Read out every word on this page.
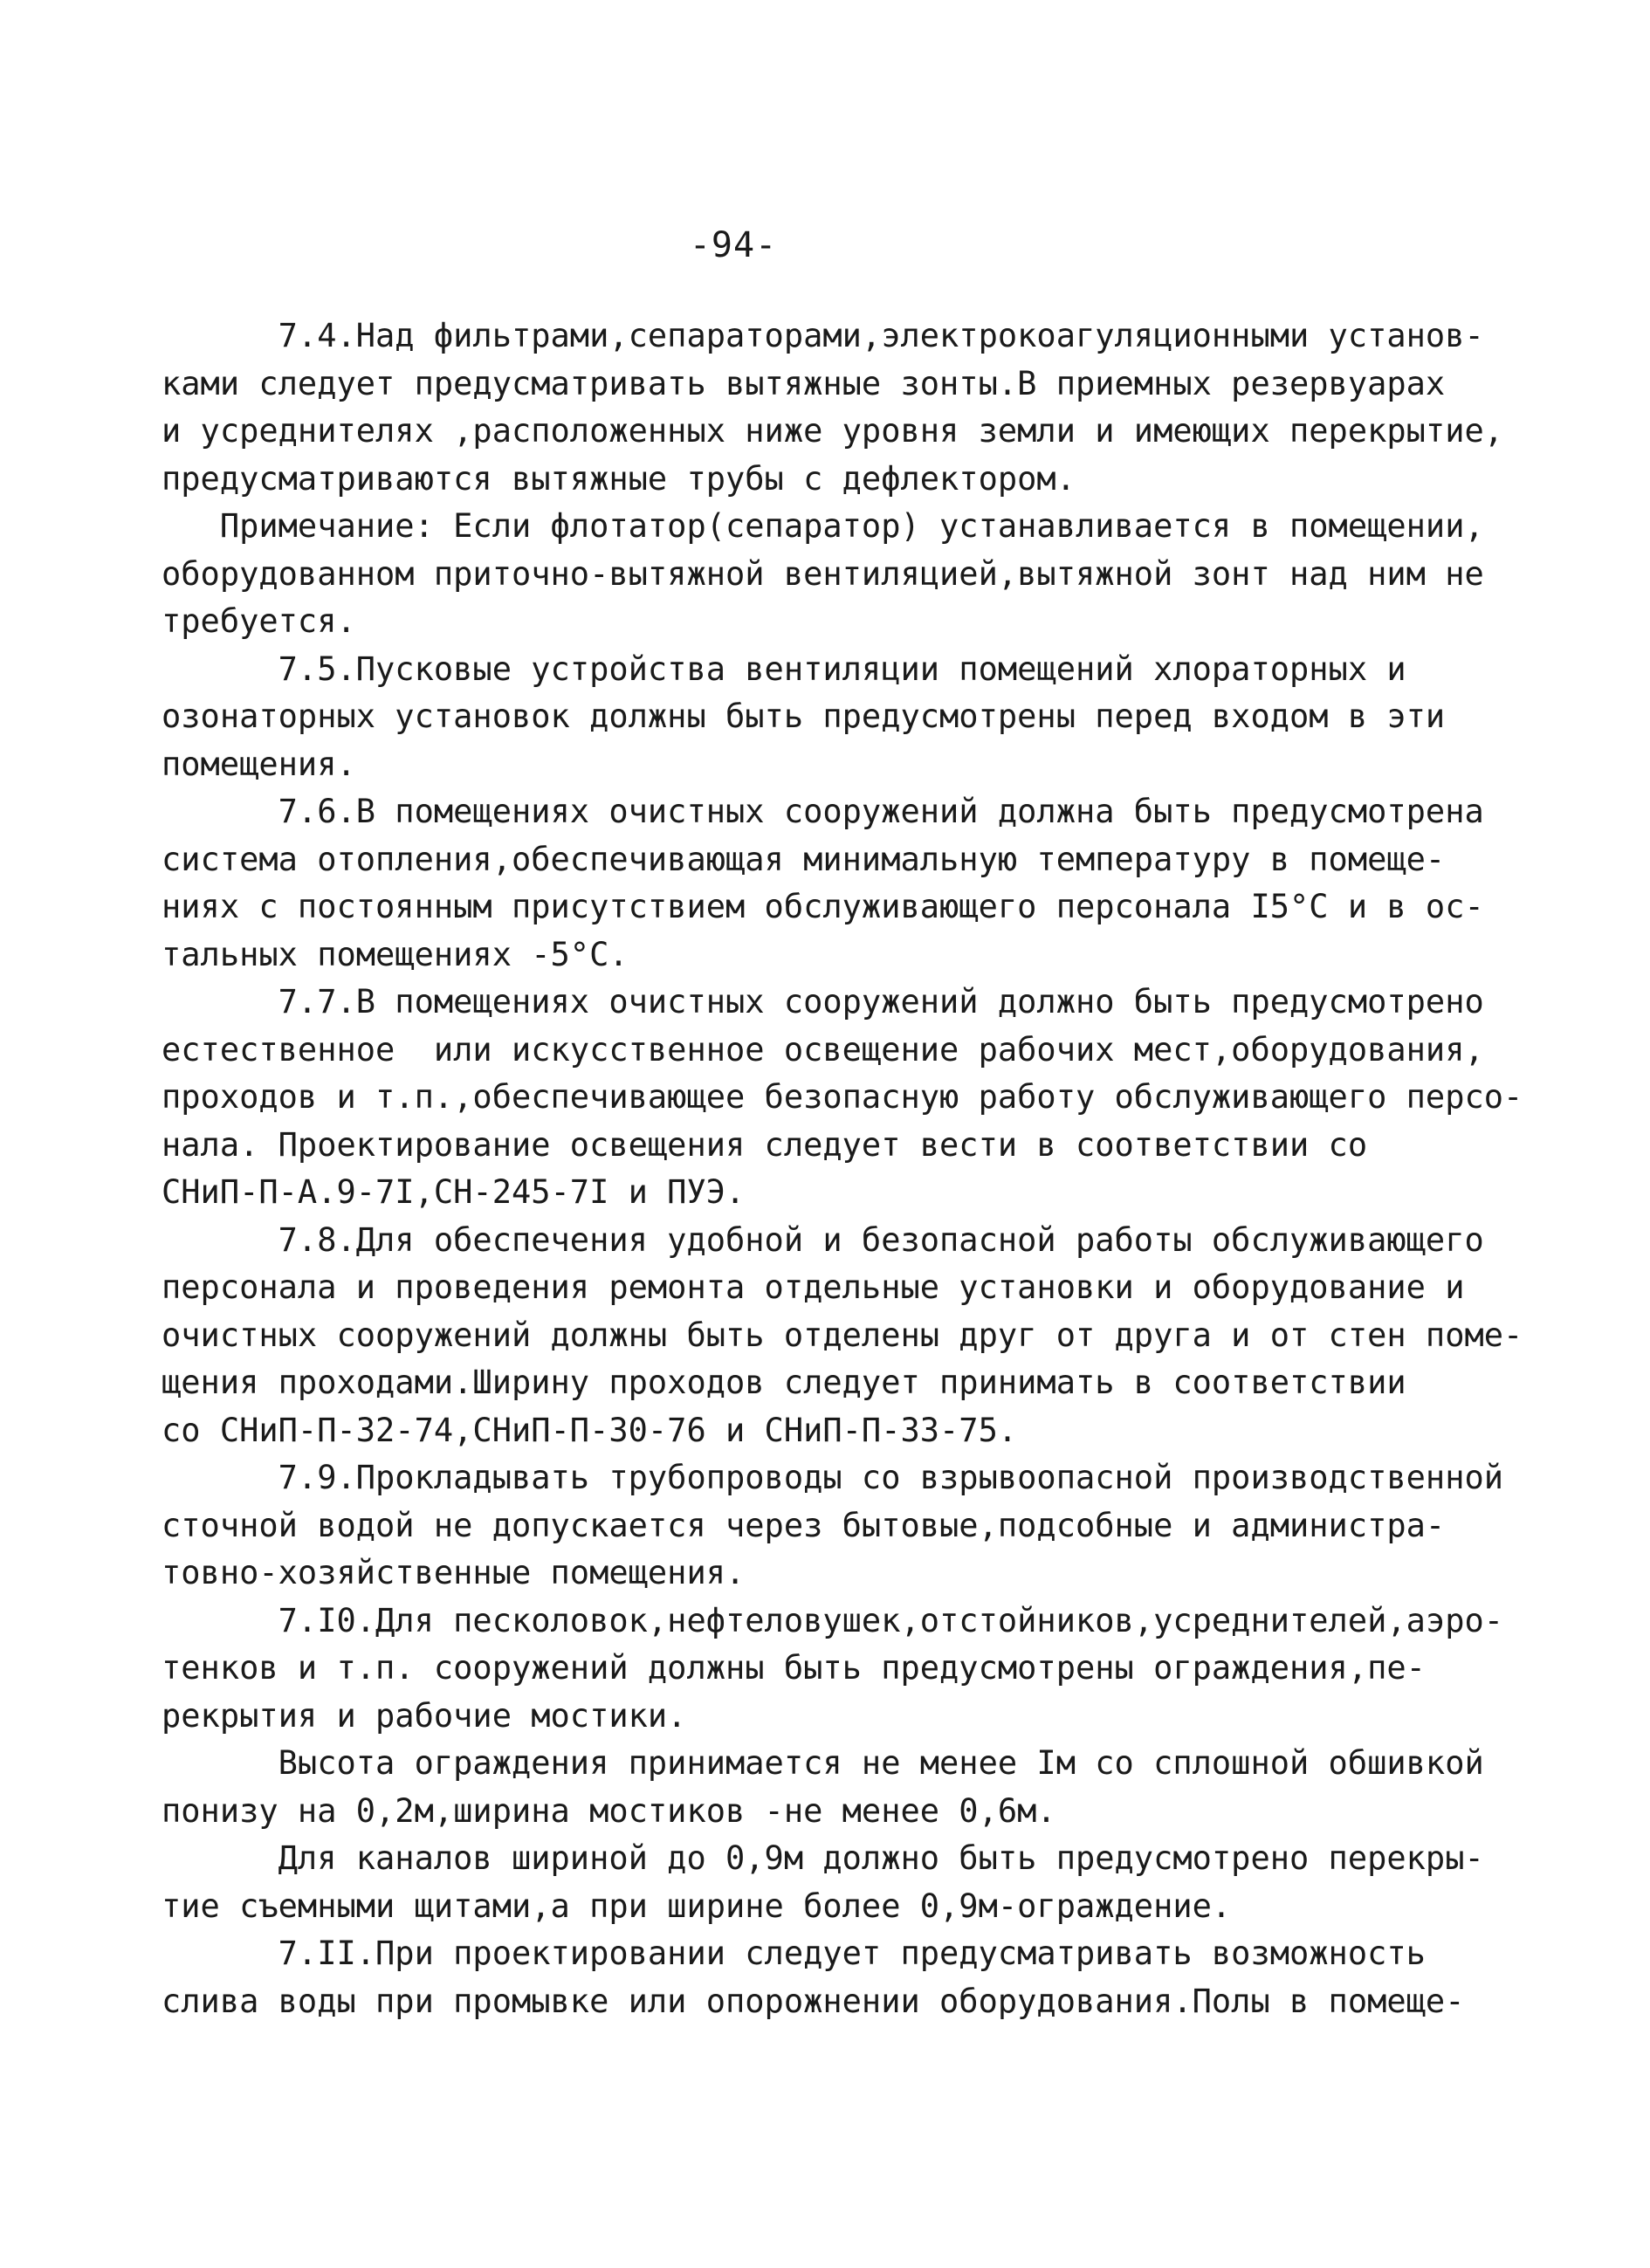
-94-
7.4.Над фильтрами,сепараторами,электрокоагуляционными установ-
ками следует предусматривать вытяжные зонты.В приемных резервуарах
и усреднителях ,расположенных ниже уровня земли и имеющих перекрытие,
предусматриваются вытяжные трубы с дефлектором.
Примечание: Если флотатор(сепаратор) устанавливается в помещении,
оборудованном приточно-вытяжной вентиляцией,вытяжной зонт над ним не
требуется.
7.5.Пусковые устройства вентиляции помещений хлораторных и
озонаторных установок должны быть предусмотрены перед входом в эти
помещения.
7.6.В помещениях очистных сооружений должна быть предусмотрена
система отопления,обеспечивающая минимальную температуру в помеще-
ниях с постоянным присутствием обслуживающего персонала I5°С и в ос-
тальных помещениях -5°С.
7.7.В помещениях очистных сооружений должно быть предусмотрено
естественное  или искусственное освещение рабочих мест,оборудования,
проходов и т.п.,обеспечивающее безопасную работу обслуживающего персо-
нала. Проектирование освещения следует вести в соответствии со
СНиП-П-А.9-7I,СН-245-7I и ПУЭ.
7.8.Для обеспечения удобной и безопасной работы обслуживающего
персонала и проведения ремонта отдельные установки и оборудование и
очистных сооружений должны быть отделены друг от друга и от стен поме-
щения проходами.Ширину проходов следует принимать в соответствии
со СНиП-П-32-74,СНиП-П-30-76 и СНиП-П-33-75.
7.9.Прокладывать трубопроводы со взрывоопасной производственной
сточной водой не допускается через бытовые,подсобные и администра-
товно-хозяйственные помещения.
7.I0.Для песколовок,нефтеловушек,отстойников,усреднителей,аэро-
тенков и т.п. сооружений должны быть предусмотрены ограждения,пе-
рекрытия и рабочие мостики.
Высота ограждения принимается не менее Iм со сплошной обшивкой
понизу на 0,2м,ширина мостиков -не менее 0,6м.
Для каналов шириной до 0,9м должно быть предусмотрено перекры-
тие съемными щитами,а при ширине более 0,9м-ограждение.
7.II.При проектировании следует предусматривать возможность
слива воды при промывке или опорожнении оборудования.Полы в помеще-
